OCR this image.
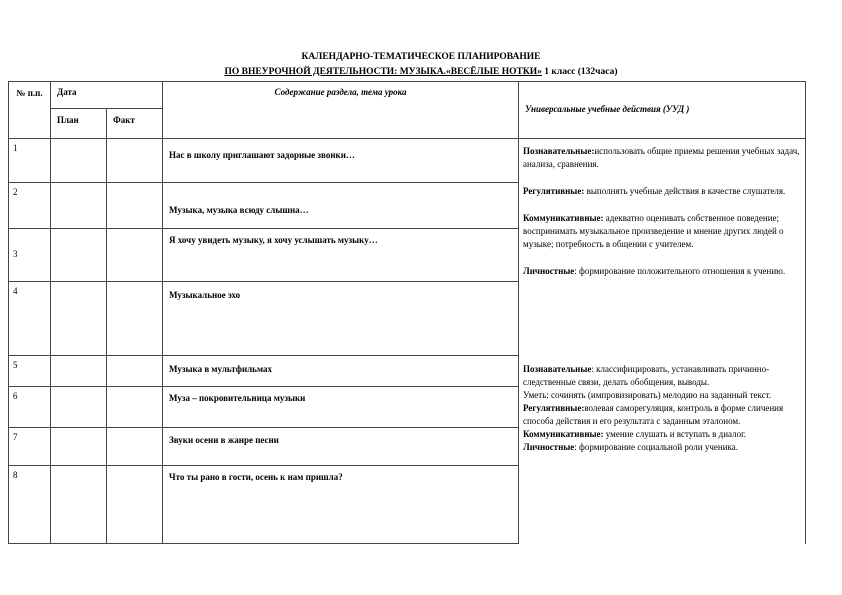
КАЛЕНДАРНО-ТЕМАТИЧЕСКОЕ ПЛАНИРОВАНИЕ
ПО ВНЕУРОЧНОЙ ДЕЯТЕЛЬНОСТИ: МУЗЫКА.«ВЕСЁЛЫЕ НОТКИ» 1 класс (132часа)
№ п.п.	Дата		Содержание раздела, тема урока	Универсальные учебные действия (УУД )
	План	Факт		
1			Нас в школу приглашают задорные звонки…	Познавательные:использовать общие приемы решения учебных задач, анализа, сравнения.

Регулятивные: выполнять учебные действия в качестве слушателя.

Коммуникативные: адекватно оценивать собственное поведение; воспринимать музыкальное произведение и мнение других людей о музыке; потребность в общении с учителем.

Личностные: формирование положительного отношения к учению.

2			Музыка, музыка всюду слышна…	
3			Я хочу увидеть музыку, я хочу услышать музыку…	
4			Музыкальное эхо	
5			Музыка в мультфильмах	Познавательные: классифицировать, устанавливать причинно-следственные связи, делать обобщения, выводы.

Уметь: сочинять (импровизировать) мелодию на заданный текст.

Регулятивные:волевая саморегуляция, контроль в форме сличения способа действия и его результата с заданным эталоном.

Коммуникативные: умение слушать и вступать в диалог.

Личностные: формирование социальной роли ученика.

6			Муза – покровительница музыки	
7			Звуки осени в жанре песни	
8			Что ты рано в гости, осень к нам пришла?	
